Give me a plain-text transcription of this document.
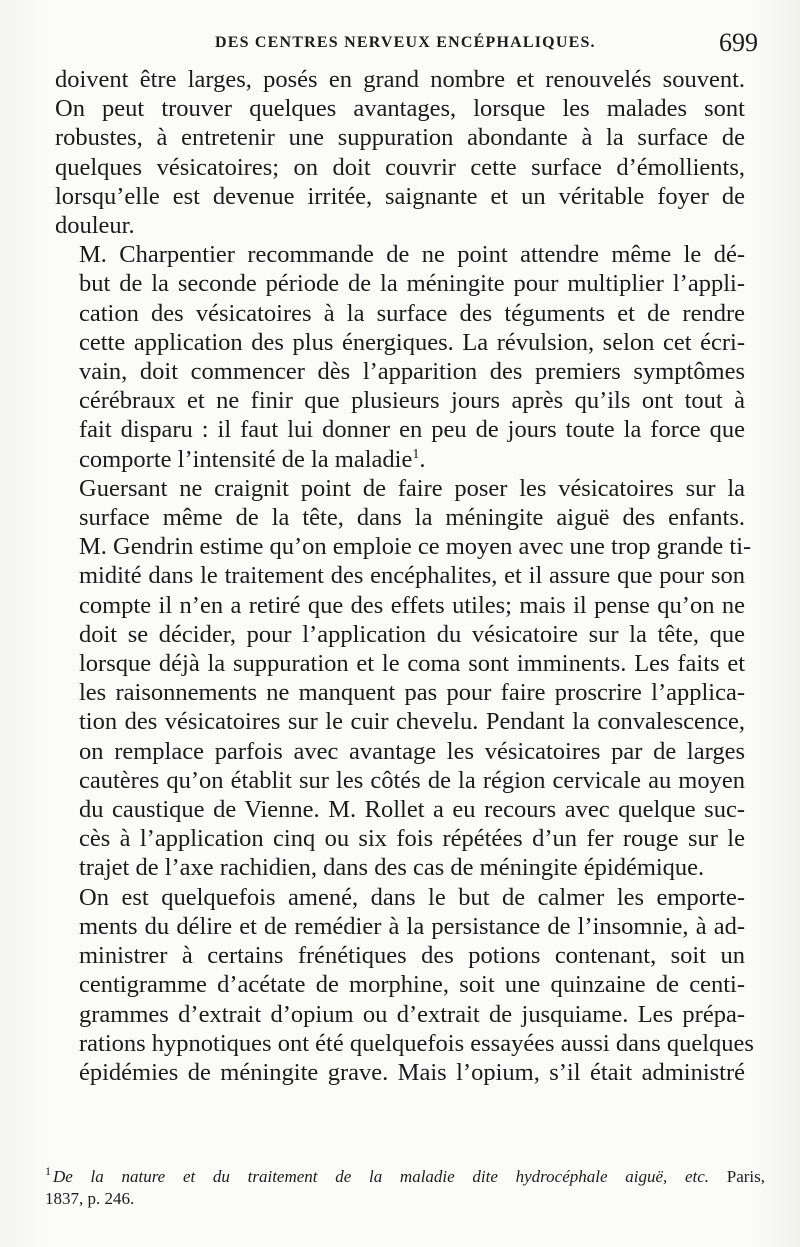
DES CENTRES NERVEUX ENCÉPHALIQUES.	699

doivent être larges, posés en grand nombre et renouvelés souvent.
On peut trouver quelques avantages, lorsque les malades sont
robustes, à entretenir une suppuration abondante à la surface de
quelques vésicatoires; on doit couvrir cette surface d’émollients,
lorsqu’elle est devenue irritée, saignante et un véritable foyer de
douleur.

M. Charpentier recommande de ne point attendre même le dé-
but de la seconde période de la méningite pour multiplier l’appli-
cation des vésicatoires à la surface des téguments et de rendre
cette application des plus énergiques. La révulsion, selon cet écri-
vain, doit commencer dès l’apparition des premiers symptômes
cérébraux et ne finir que plusieurs jours après qu’ils ont tout à
fait disparu : il faut lui donner en peu de jours toute la force que
comporte l’intensité de la maladie$^1$.

Guersant ne craignit point de faire poser les vésicatoires sur la
surface même de la tête, dans la méningite aiguë des enfants.
M. Gendrin estime qu’on emploie ce moyen avec une trop grande ti-
midité dans le traitement des encéphalites, et il assure que pour son
compte il n’en a retiré que des effets utiles; mais il pense qu’on ne
doit se décider, pour l’application du vésicatoire sur la tête, que
lorsque déjà la suppuration et le coma sont imminents. Les faits et
les raisonnements ne manquent pas pour faire proscrire l’applica-
tion des vésicatoires sur le cuir chevelu. Pendant la convalescence,
on remplace parfois avec avantage les vésicatoires par de larges
cautères qu’on établit sur les côtés de la région cervicale au moyen
du caustique de Vienne. M. Rollet a eu recours avec quelque suc-
cès à l’application cinq ou six fois répétées d’un fer rouge sur le
trajet de l’axe rachidien, dans des cas de méningite épidémique.

On est quelquefois amené, dans le but de calmer les emporte-
ments du délire et de remédier à la persistance de l’insomnie, à ad-
ministrer à certains frénétiques des potions contenant, soit un
centigramme d’acétate de morphine, soit une quinzaine de centi-
grammes d’extrait d’opium ou d’extrait de jusquiame. Les prépa-
rations hypnotiques ont été quelquefois essayées aussi dans quelques
épidémies de méningite grave. Mais l’opium, s’il était administré

$^1$ De la nature et du traitement de la maladie dite hydrocéphale aiguë, etc. Paris,
1837, p. 246.
